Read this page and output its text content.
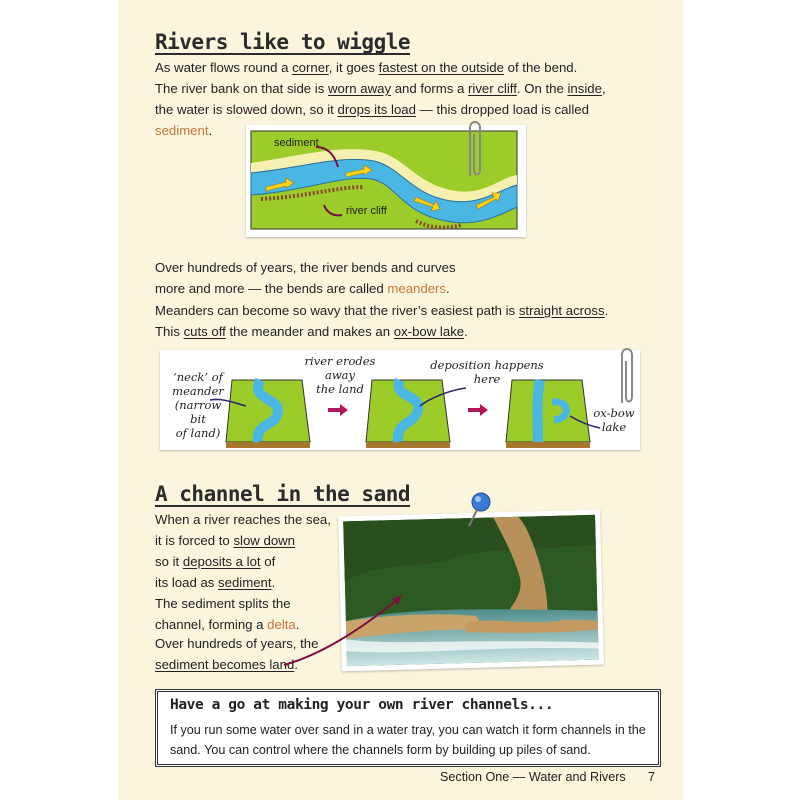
Rivers like to wiggle
As water flows round a corner, it goes fastest on the outside of the bend.
The river bank on that side is worn away and forms a river cliff. On the inside,
the water is slowed down, so it drops its load — this dropped load is called sediment.
sediment
river cliff
Over hundreds of years, the river bends and curves
more and more — the bends are called meanders.
Meanders can become so wavy that the river’s easiest path is straight across.
This cuts off the meander and makes an ox-bow lake.
‘neck’ of
meander
(narrow bit
of land)
river erodes
away
the land
deposition happens
here
ox-bow
lake
A channel in the sand
When a river reaches the sea,
it is forced to slow down
so it deposits a lot of
its load as sediment.
The sediment splits the
channel, forming a delta.
Over hundreds of years, the
sediment becomes land.
Have a go at making your own river channels...
If you run some water over sand in a water tray, you can watch it form channels in the sand. You can control where the channels form by building up piles of sand.
Section One — Water and Rivers 7
